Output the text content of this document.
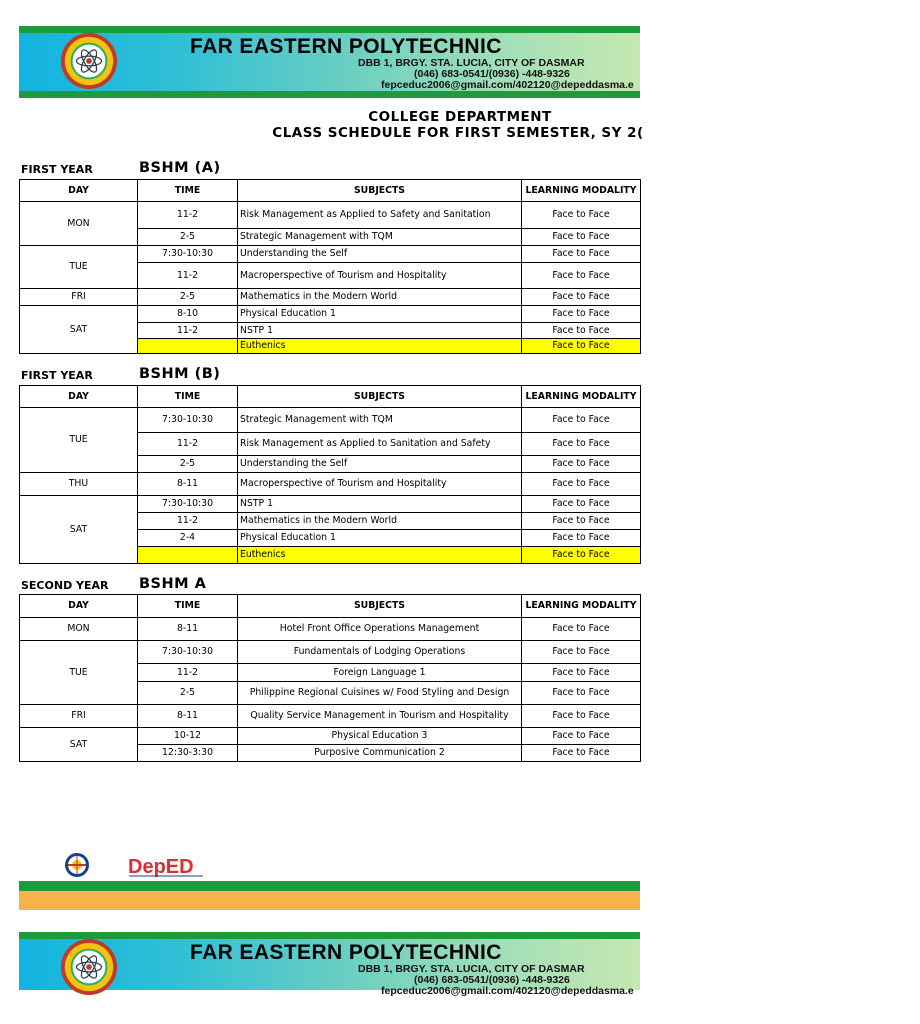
FAR EASTERN POLYTECHNIC
DBB 1, BRGY. STA. LUCIA, CITY OF DASMAR
(046) 683-0541/(0936) -448-9326
fepceduc2006@gmail.com/402120@depeddasma.e
COLLEGE DEPARTMENT
CLASS SCHEDULE FOR FIRST SEMESTER, SY 2(
FIRST YEAR	BSHM (A)
DAY	TIME	SUBJECTS	LEARNING MODALITY
MON	11-2	Risk Management as Applied to Safety and Sanitation	Face to Face
	2-5	Strategic Management with TQM	Face to Face
TUE	7:30-10:30	Understanding the Self	Face to Face
	11-2	Macroperspective of Tourism and Hospitality	Face to Face
FRI	2-5	Mathematics in the Modern World	Face to Face
SAT	8-10	Physical Education 1	Face to Face
	11-2	NSTP 1	Face to Face
		Euthenics	Face to Face
FIRST YEAR	BSHM (B)
DAY	TIME	SUBJECTS	LEARNING MODALITY
TUE	7:30-10:30	Strategic Management with TQM	Face to Face
	11-2	Risk Management as Applied to Sanitation and Safety	Face to Face
	2-5	Understanding the Self	Face to Face
THU	8-11	Macroperspective of Tourism and Hospitality	Face to Face
SAT	7:30-10:30	NSTP 1	Face to Face
	11-2	Mathematics in the Modern World	Face to Face
	2-4	Physical Education 1	Face to Face
		Euthenics	Face to Face
SECOND YEAR BSHM A
DAY	TIME	SUBJECTS	LEARNING MODALITY
MON	8-11	Hotel Front Office Operations Management	Face to Face
TUE	7:30-10:30	Fundamentals of Lodging Operations	Face to Face
	11-2	Foreign Language 1	Face to Face
	2-5	Philippine Regional Cuisines w/ Food Styling and Design	Face to Face
FRI	8-11	Quality Service Management in Tourism and Hospitality	Face to Face
SAT	10-12	Physical Education 3	Face to Face
	12:30-3:30	Purposive Communication 2	Face to Face
DepED
FAR EASTERN POLYTECHNIC
DBB 1, BRGY. STA. LUCIA, CITY OF DASMAR
(046) 683-0541/(0936) -448-9326
fepceduc2006@gmail.com/402120@depeddasma.e
